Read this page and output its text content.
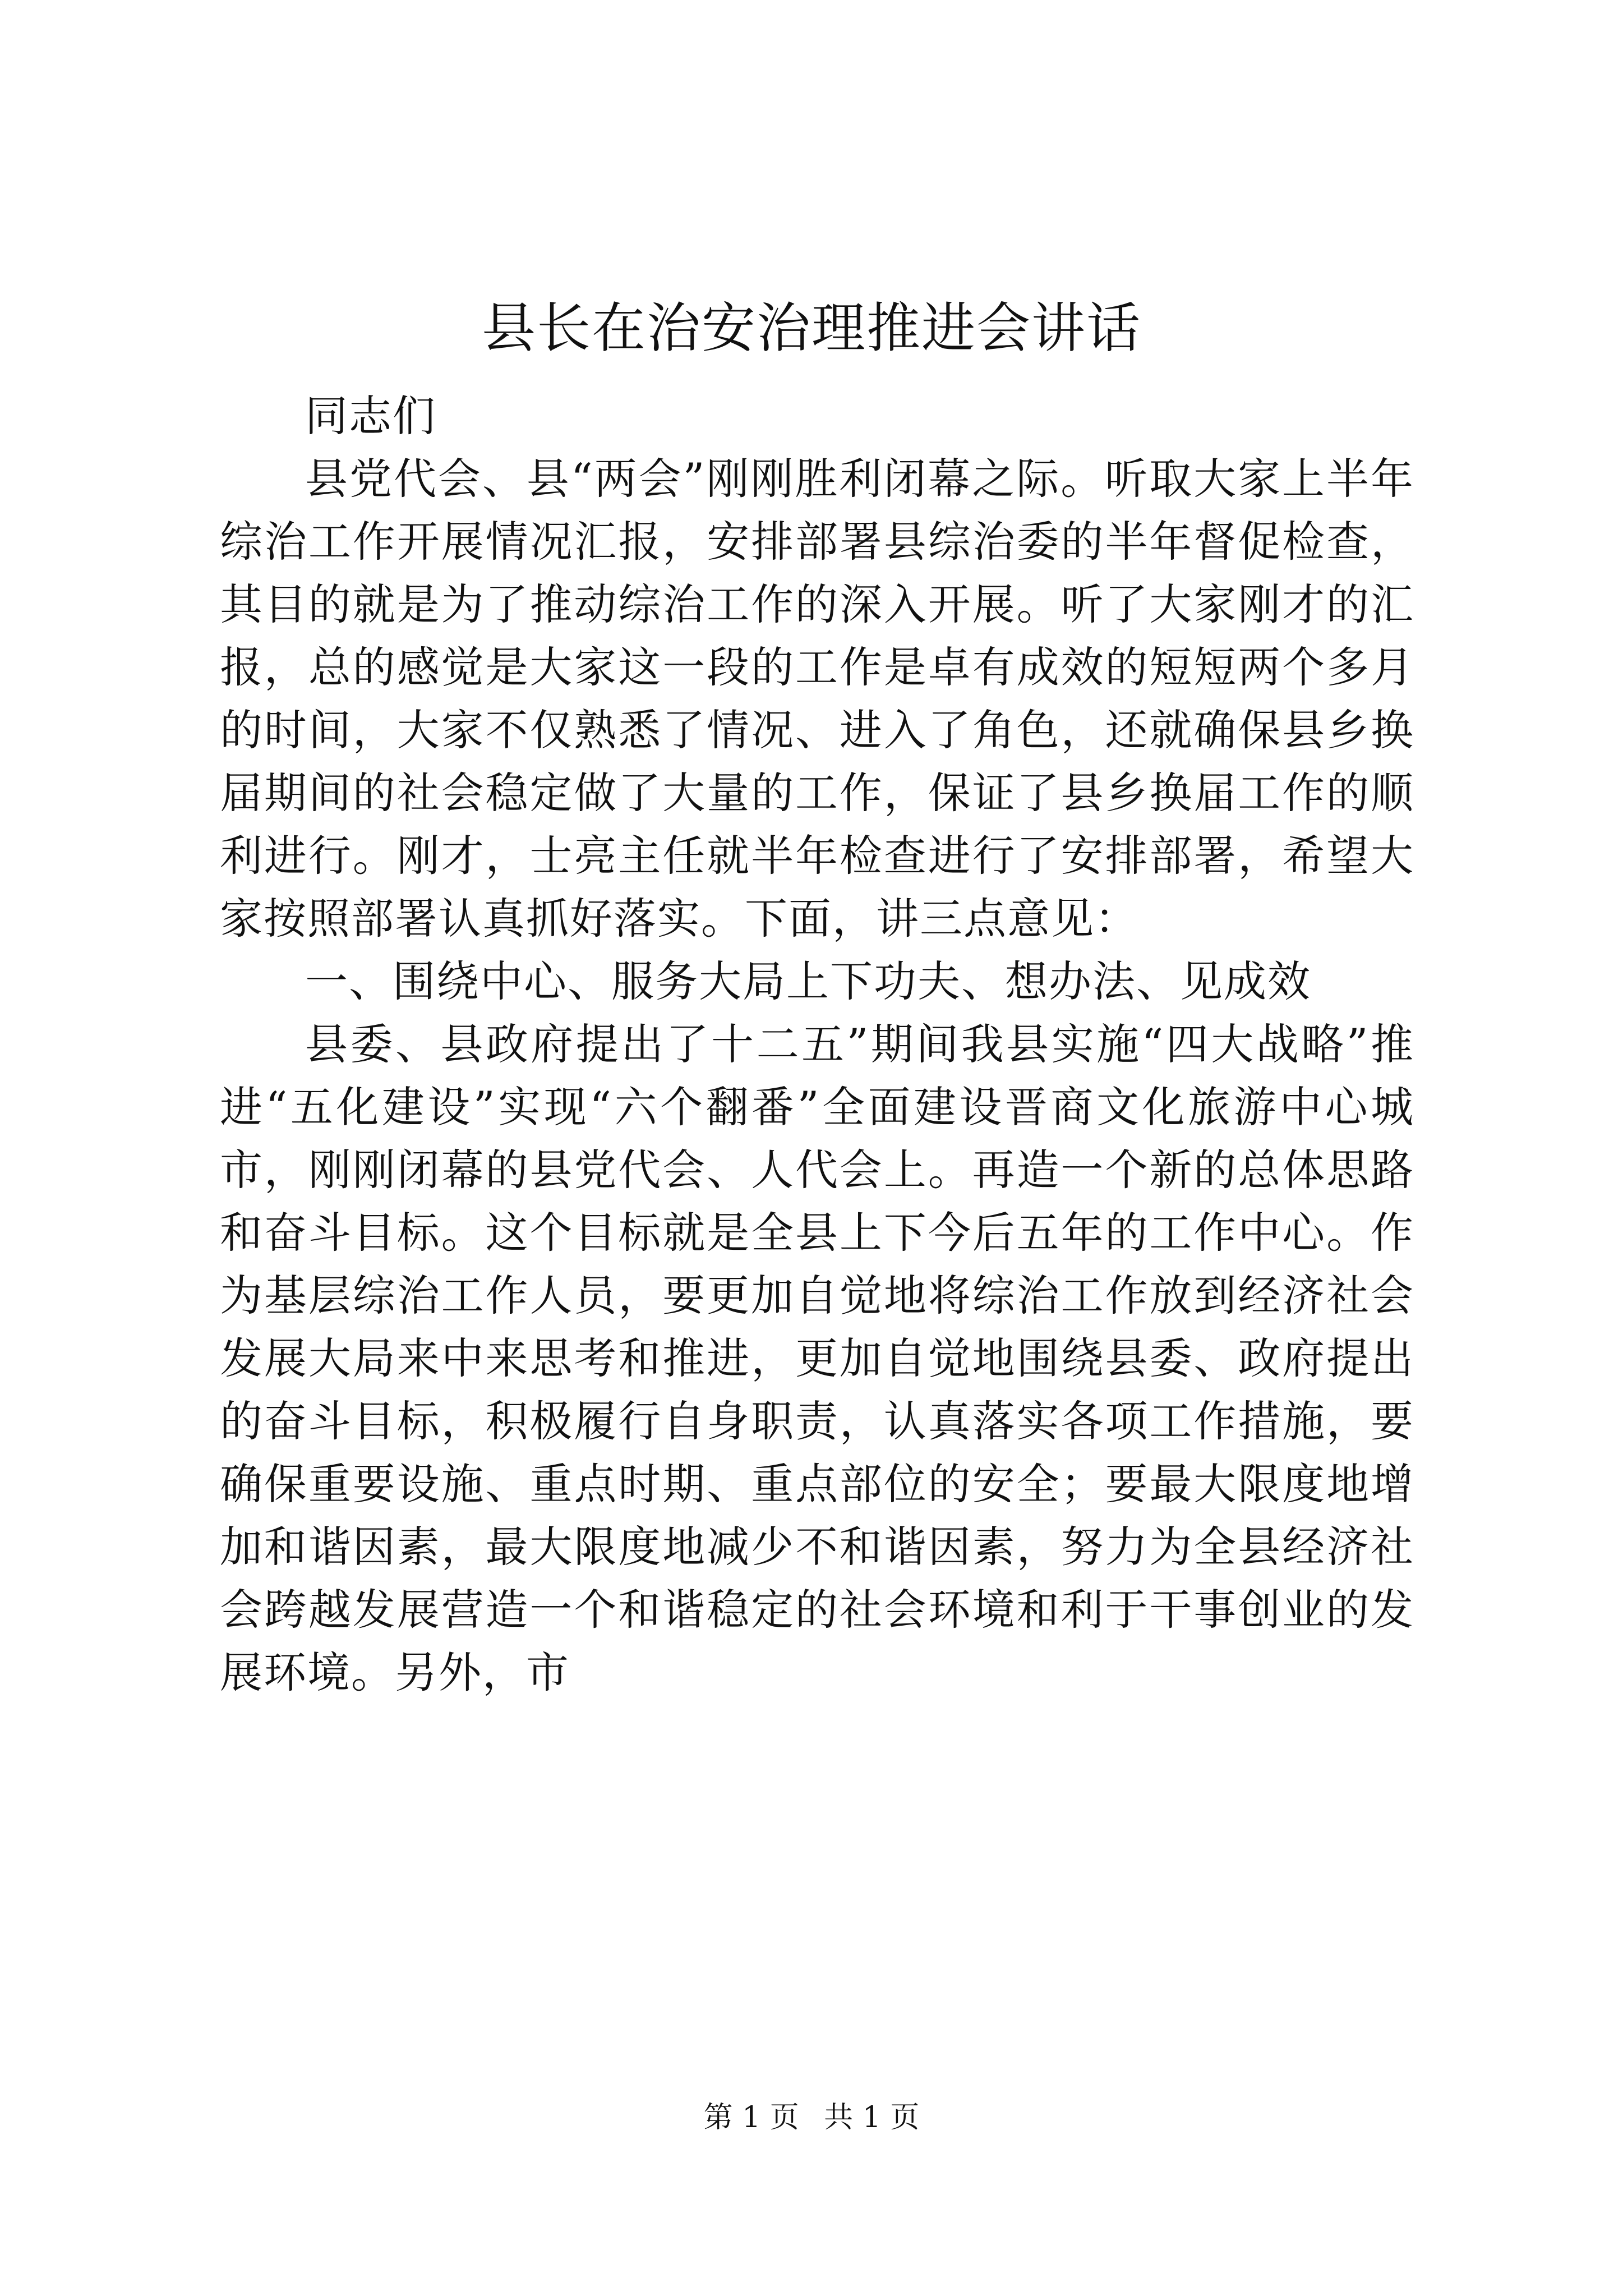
县长在治安治理推进会讲话

同志们

县党代会、县“两会”刚刚胜利闭幕之际。听取大家上半年综治工作开展情况汇报，安排部署县综治委的半年督促检查，其目的就是为了推动综治工作的深入开展。听了大家刚才的汇报，总的感觉是大家这一段的工作是卓有成效的短短两个多月的时间，大家不仅熟悉了情况、进入了角色，还就确保县乡换届期间的社会稳定做了大量的工作，保证了县乡换届工作的顺利进行。刚才，士亮主任就半年检查进行了安排部署，希望大家按照部署认真抓好落实。下面，讲三点意见：

一、围绕中心、服务大局上下功夫、想办法、见成效

县委、县政府提出了十二五”期间我县实施“四大战略”推进“五化建设”实现“六个翻番”全面建设晋商文化旅游中心城市，刚刚闭幕的县党代会、人代会上。再造一个新的总体思路和奋斗目标。这个目标就是全县上下今后五年的工作中心。作为基层综治工作人员，要更加自觉地将综治工作放到经济社会发展大局来中来思考和推进，更加自觉地围绕县委、政府提出的奋斗目标，积极履行自身职责，认真落实各项工作措施，要确保重要设施、重点时期、重点部位的安全；要最大限度地增加和谐因素，最大限度地减少不和谐因素，努力为全县经济社会跨越发展营造一个和谐稳定的社会环境和利于干事创业的发展环境。另外，市

第 1 页 共 1 页
